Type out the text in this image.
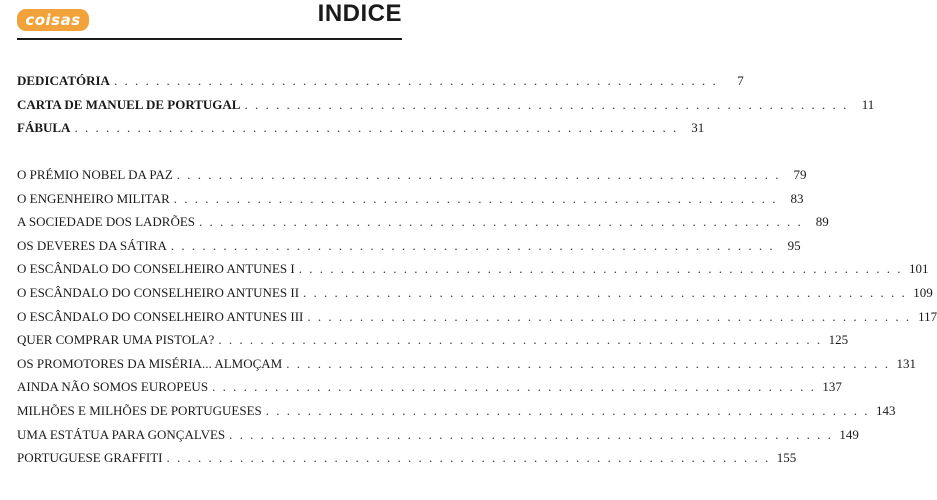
coisas	INDICE
DEDICATÓRIA . . . . . . . . . . . . . . . . . . . . . . . . . . . . . . . . . . . . . . . . . . . . . . . . . . . . . . . . . .	7
CARTA DE MANUEL DE PORTUGAL . . . . . . . . . . . . . . . . . . . . . . . . . . . . . . . . . . . . . . . . . . . . . . . . . . . . . . . . . .	11
FÁBULA . . . . . . . . . . . . . . . . . . . . . . . . . . . . . . . . . . . . . . . . . . . . . . . . . . . . . . . . . .	31
O PRÉMIO NOBEL DA PAZ . . . . . . . . . . . . . . . . . . . . . . . . . . . . . . . . . . . . . . . . . . . . . . . . . . . . . . . . . .	79
O ENGENHEIRO MILITAR . . . . . . . . . . . . . . . . . . . . . . . . . . . . . . . . . . . . . . . . . . . . . . . . . . . . . . . . . .	83
A SOCIEDADE DOS LADRÕES . . . . . . . . . . . . . . . . . . . . . . . . . . . . . . . . . . . . . . . . . . . . . . . . . . . . . . . . . .	89
OS DEVERES DA SÁTIRA . . . . . . . . . . . . . . . . . . . . . . . . . . . . . . . . . . . . . . . . . . . . . . . . . . . . . . . . . .	95
O ESCÂNDALO DO CONSELHEIRO ANTUNES I . . . . . . . . . . . . . . . . . . . . . . . . . . . . . . . . . . . . . . . . . . . . . . . . . . . . . . . . . . 101
O ESCÂNDALO DO CONSELHEIRO ANTUNES II . . . . . . . . . . . . . . . . . . . . . . . . . . . . . . . . . . . . . . . . . . . . . . . . . . . . . . . . . . 109
O ESCÂNDALO DO CONSELHEIRO ANTUNES III . . . . . . . . . . . . . . . . . . . . . . . . . . . . . . . . . . . . . . . . . . . . . . . . . . . . . . . . . . 117
QUER COMPRAR UMA PISTOLA? . . . . . . . . . . . . . . . . . . . . . . . . . . . . . . . . . . . . . . . . . . . . . . . . . . . . . . . . . . 125
OS PROMOTORES DA MISÉRIA... ALMOÇAM . . . . . . . . . . . . . . . . . . . . . . . . . . . . . . . . . . . . . . . . . . . . . . . . . . . . . . . . . . 131
AINDA NÃO SOMOS EUROPEUS . . . . . . . . . . . . . . . . . . . . . . . . . . . . . . . . . . . . . . . . . . . . . . . . . . . . . . . . . . 137
MILHÕES E MILHÕES DE PORTUGUESES . . . . . . . . . . . . . . . . . . . . . . . . . . . . . . . . . . . . . . . . . . . . . . . . . . . . . . . . . . 143
UMA ESTÁTUA PARA GONÇALVES . . . . . . . . . . . . . . . . . . . . . . . . . . . . . . . . . . . . . . . . . . . . . . . . . . . . . . . . . . 149
PORTUGUESE GRAFFITI . . . . . . . . . . . . . . . . . . . . . . . . . . . . . . . . . . . . . . . . . . . . . . . . . . . . . . . . . . 155
